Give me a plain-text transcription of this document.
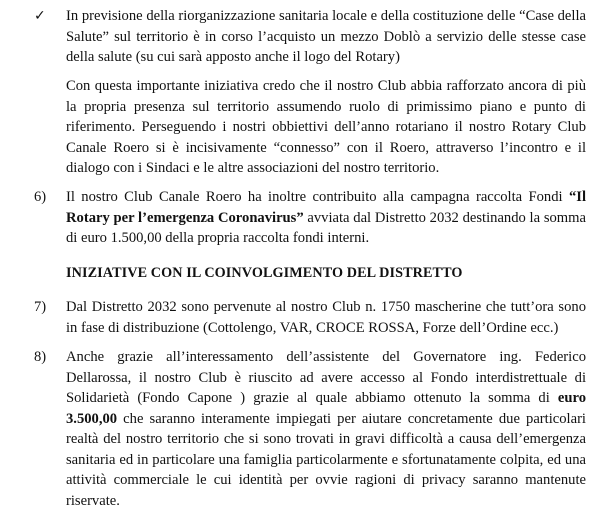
✓	In previsione della riorganizzazione sanitaria locale e della costituzione delle “Case della Salute” sul territorio è in corso l’acquisto un mezzo Doblò a servizio delle stesse case della salute (su cui sarà apposto anche il logo del Rotary)

Con questa importante iniziativa credo che il nostro Club abbia rafforzato ancora di più la propria presenza sul territorio assumendo ruolo di primissimo piano e punto di riferimento. Perseguendo i nostri obbiettivi dell’anno rotariano il nostro Rotary Club Canale Roero si è incisivamente “connesso” con il Roero, attraverso l’incontro e il dialogo con i Sindaci e le altre associazioni del nostro territorio.

6)	Il nostro Club Canale Roero ha inoltre contribuito alla campagna raccolta Fondi “Il Rotary per l’emergenza Coronavirus” avviata dal Distretto 2032 destinando la somma di euro 1.500,00 della propria raccolta fondi interni.

INIZIATIVE CON IL COINVOLGIMENTO DEL DISTRETTO
7)	Dal Distretto 2032 sono pervenute al nostro Club n. 1750 mascherine che tutt’ora sono in fase di distribuzione (Cottolengo, VAR, CROCE ROSSA, Forze dell’Ordine ecc.)

8)	Anche grazie all’interessamento dell’assistente del Governatore ing. Federico Dellarossa, il nostro Club è riuscito ad avere accesso al Fondo interdistrettuale di Solidarietà (Fondo Capone ) grazie al quale abbiamo ottenuto la somma di euro 3.500,00 che saranno interamente impiegati per aiutare concretamente due particolari realtà del nostro territorio che si sono trovati in gravi difficoltà a causa dell’emergenza sanitaria ed in particolare una famiglia particolarmente e sfortunatamente colpita, ed una attività commerciale le cui identità per ovvie ragioni di privacy saranno mantenute riservate.
